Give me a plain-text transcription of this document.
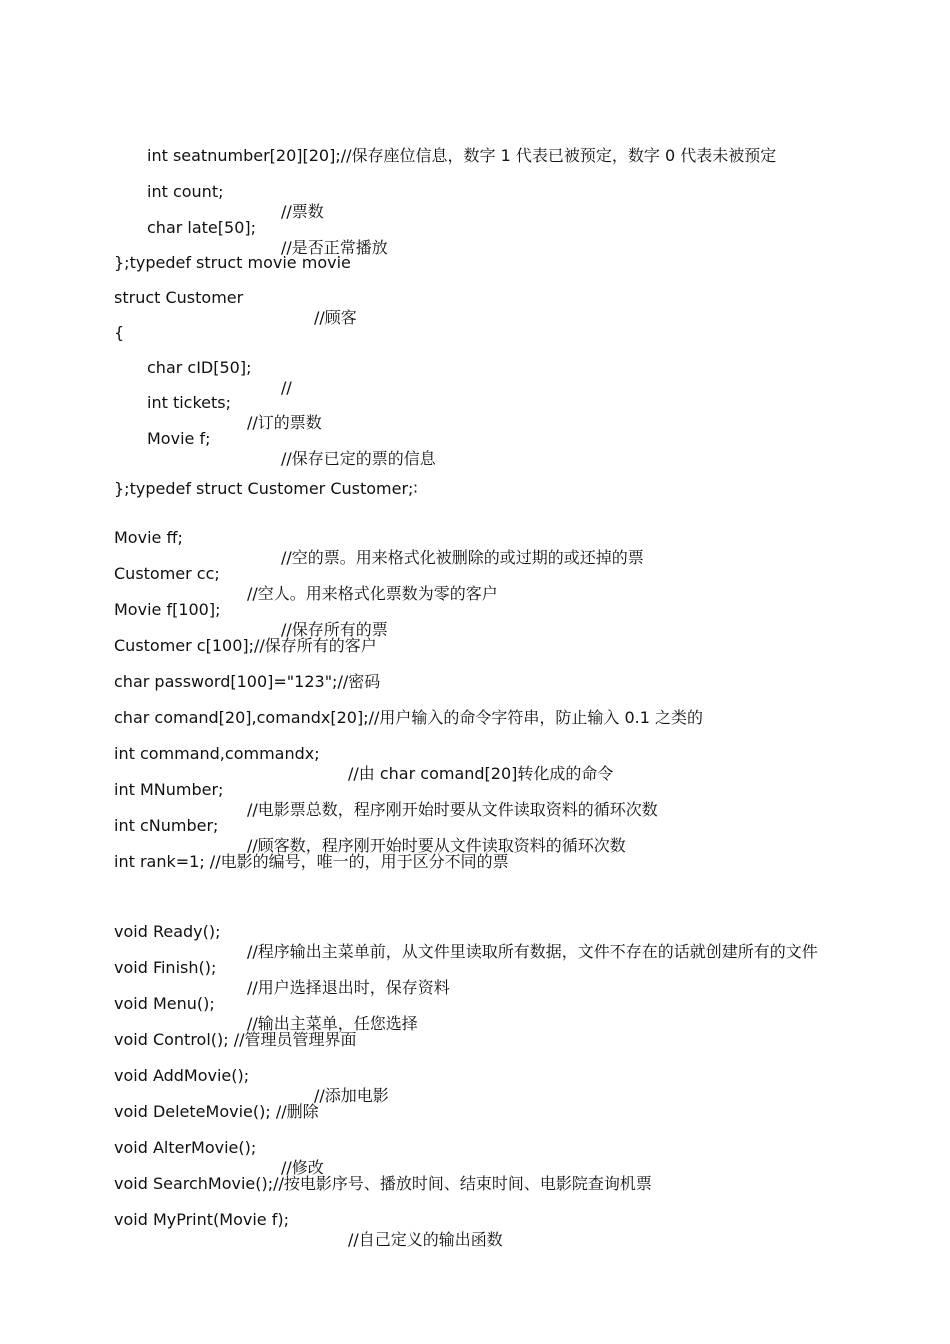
int seatnumber[20][20];//保存座位信息，数字 1 代表已被预定，数字 0 代表未被预定

int count;

//票数

char late[50];

//是否正常播放

};typedef struct movie movie

struct Customer

//顾客

{

char cID[50];

//

int tickets;

//订的票数

Movie f;

//保存已定的票的信息

};typedef struct Customer Customer;∶

Movie ff;

//空的票。用来格式化被删除的或过期的或还掉的票

Customer cc;

//空人。用来格式化票数为零的客户

Movie f[100];

//保存所有的票

Customer c[100];//保存所有的客户

char password[100]="123";//密码

char comand[20],comandx[20];//用户输入的命令字符串，防止输入 0.1 之类的

int command,commandx;

//由 char comand[20]转化成的命令

int MNumber;

//电影票总数，程序刚开始时要从文件读取资料的循环次数

int cNumber;

//顾客数，程序刚开始时要从文件读取资料的循环次数

int rank=1; //电影的编号，唯一的，用于区分不同的票

void Ready();

//程序输出主菜单前，从文件里读取所有数据，文件不存在的话就创建所有的文件

void Finish();

//用户选择退出时，保存资料

void Menu();

//输出主菜单，任您选择

void Control(); //管理员管理界面

void AddMovie();

//添加电影

void DeleteMovie(); //删除

void AlterMovie();

//修改

void SearchMovie();//按电影序号、播放时间、结束时间、电影院查询机票

void MyPrint(Movie f);

//自己定义的输出函数
